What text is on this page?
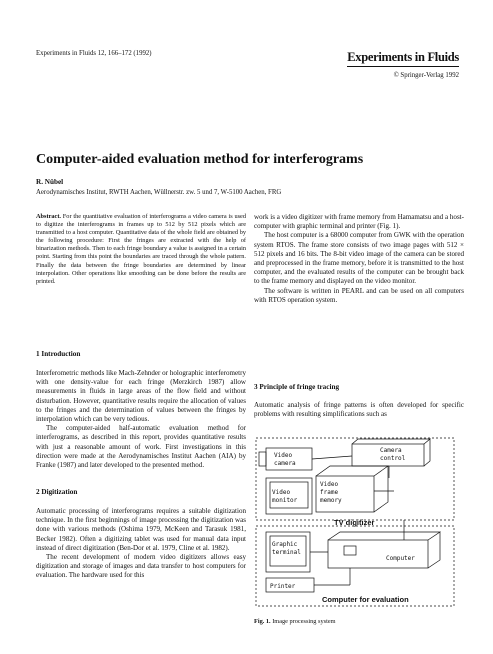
Experiments in Fluids 12, 166–172 (1992)	Experiments in Fluids
© Springer-Verlag 1992
Computer-aided evaluation method for interferograms
R. Nübel
Aerodynamisches Institut, RWTH Aachen, Wüllnerstr. zw. 5 und 7, W-5100 Aachen, FRG
Abstract. For the quantitative evaluation of interferograms a video camera is used to digitize the interferograms in frames up to 512 by 512 pixels which are transmitted to a host computer. Quantitative data of the whole field are obtained by the following procedure: First the fringes are extracted with the help of binarization methods. Then to each fringe boundary a value is assigned in a certain point. Starting from this point the boundaries are traced through the whole pattern. Finally the data between the fringe boundaries are determined by linear interpolation. Other operations like smoothing can be done before the results are printed.
1 Introduction

Interferometric methods like Mach-Zehnder or holographic interferometry with one density-value for each fringe (Merzkirch 1987) allow measurements in fluids in large areas of the flow field and without disturbation. However, quantitative results require the allocation of values to the fringes and the determination of values between the fringes by interpolation which can be very tedious.

The computer-aided half-automatic evaluation method for interferograms, as described in this report, provides quantitative results with just a reasonable amount of work. First investigations in this direction were made at the Aerodynamisches Institut Aachen (AIA) by Franke (1987) and later developed to the presented method.

2 Digitization

Automatic processing of interferograms requires a suitable digitization technique. In the first beginnings of image processing the digitization was done with various methods (Oshima 1979, McKeen and Tarasuk 1981, Becker 1982). Often a digitizing tablet was used for manual data input instead of direct digitization (Ben-Dor et al. 1979, Cline et al. 1982).

The recent development of modern video digitizers allows easy digitization and storage of images and data transfer to host computers for evaluation. The hardware used for this

work is a video digitizer with frame memory from Hamamatsu and a host-computer with graphic terminal and printer (Fig. 1).

The host computer is a 68000 computer from GWK with the operation system RTOS. The frame store consists of two image pages with 512 × 512 pixels and 16 bits. The 8-bit video image of the camera can be stored and preprocessed in the frame memory, before it is transmitted to the host computer, and the evaluated results of the computer can be brought back to the frame memory and displayed on the video monitor.

The software is written in PEARL and can be used on all computers with RTOS operation system.

3 Principle of fringe tracing

Automatic analysis of fringe patterns is often developed for specific problems with resulting simplifications such as

Video
camera
Camera
control
Video
monitor
Video
frame
memory
Graphic
terminal
Computer
Printer
TV digitizer
Computer for evaluation
Fig. 1. Image processing system
